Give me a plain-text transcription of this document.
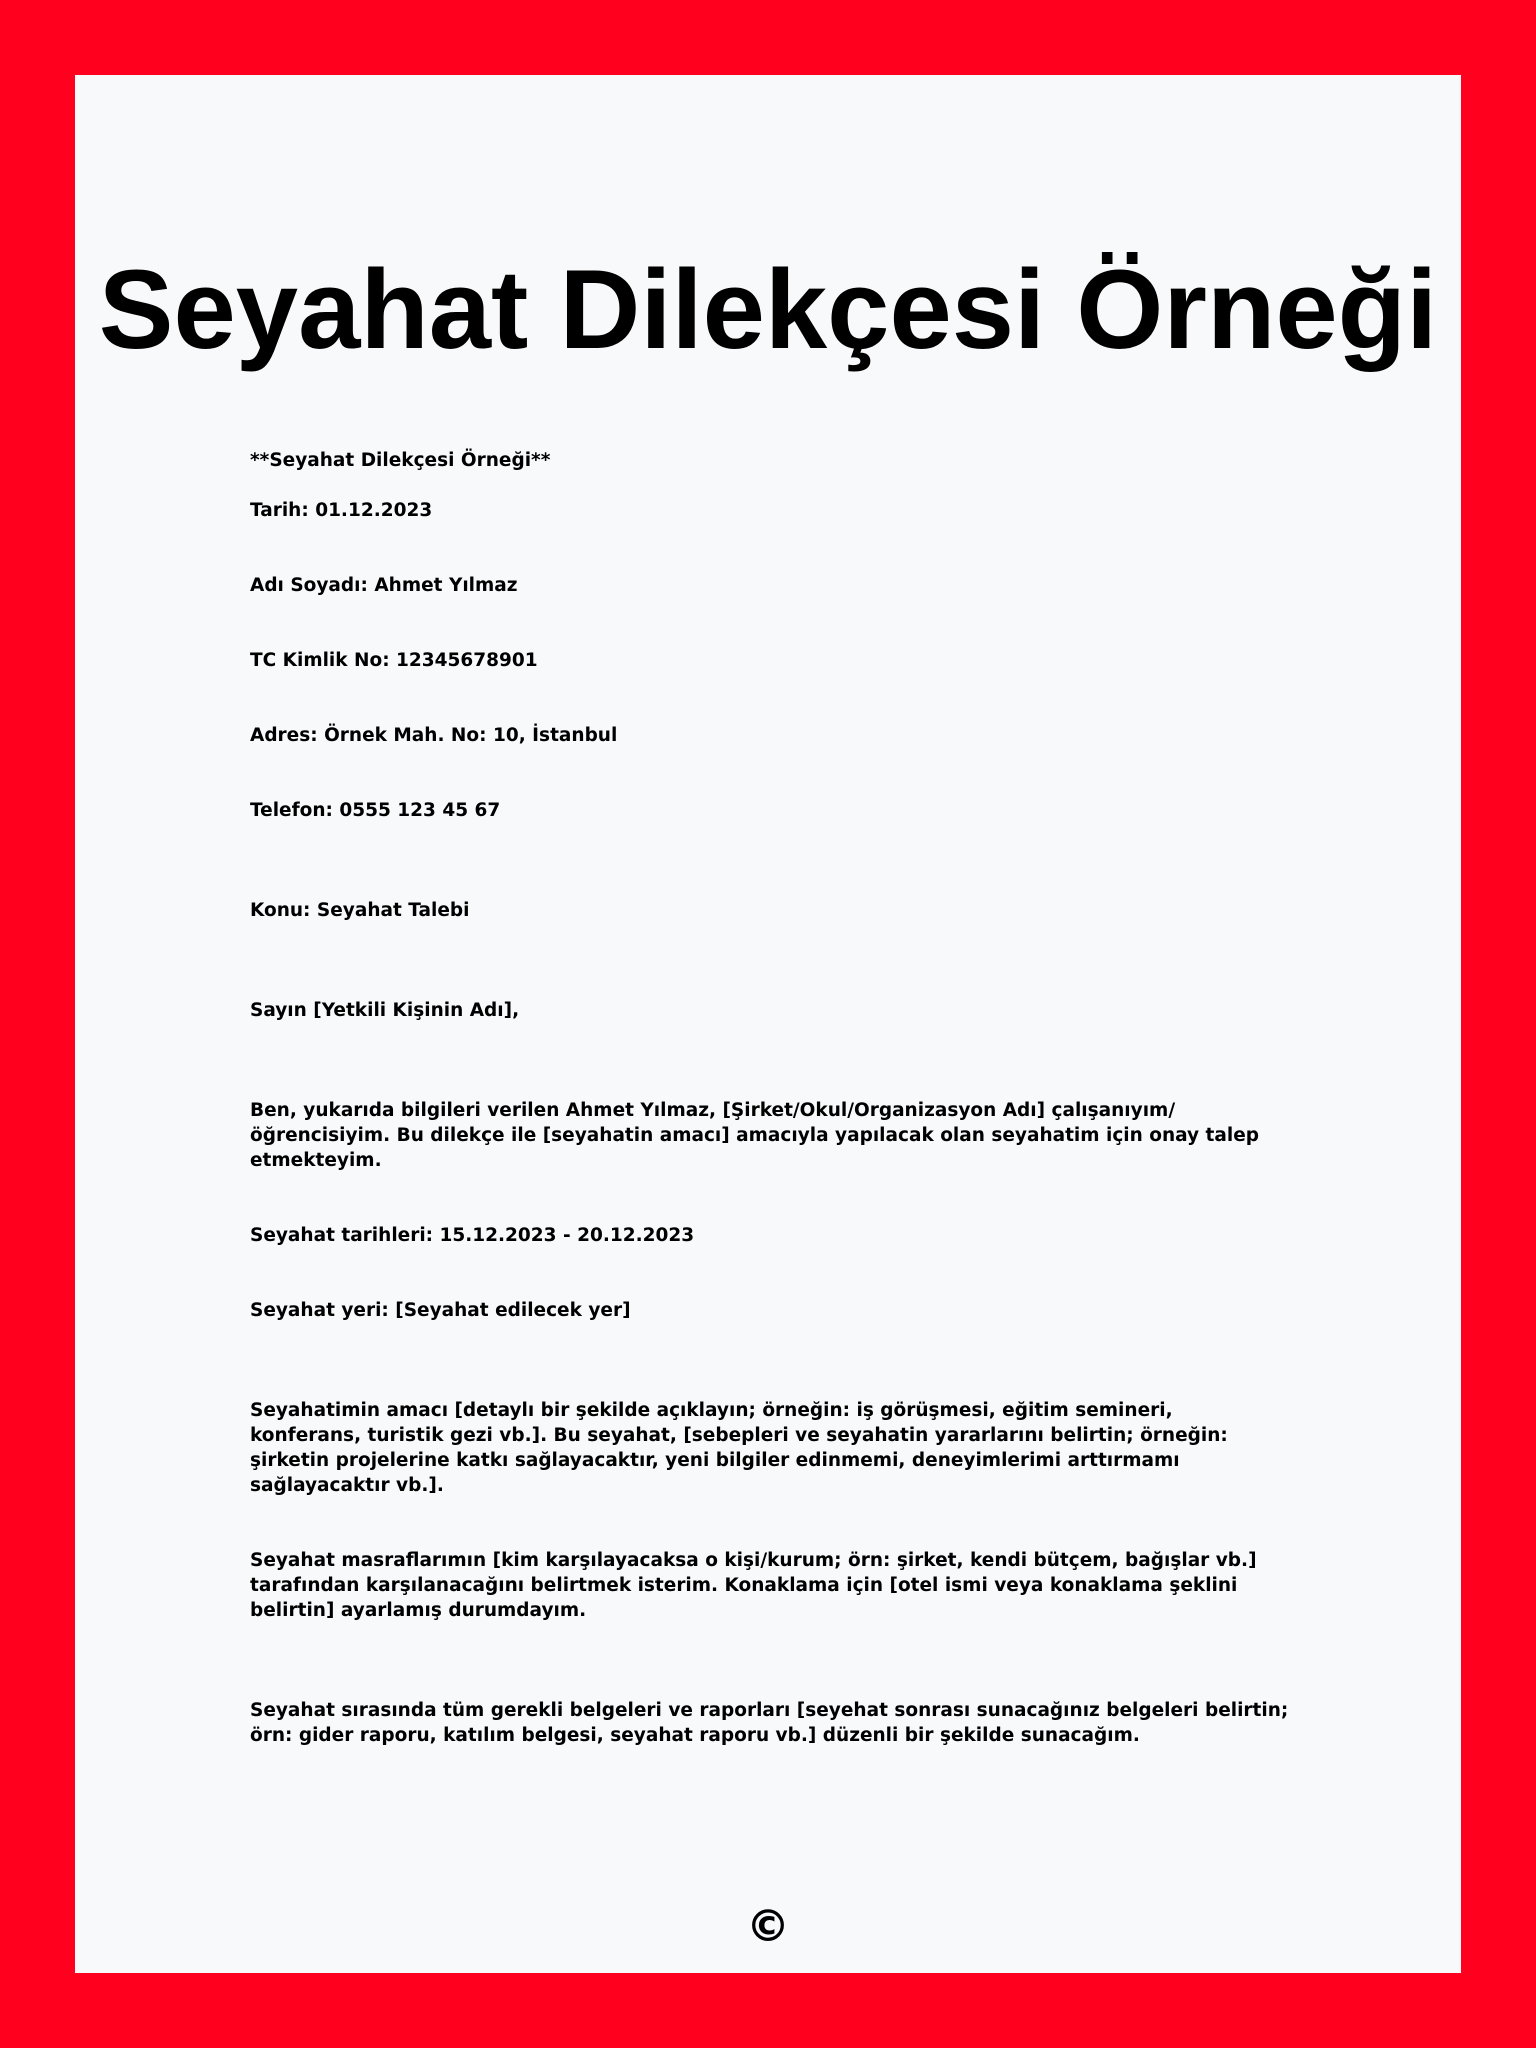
Seyahat Dilekçesi Örneği

**Seyahat Dilekçesi Örneği**

Tarih: 01.12.2023

Adı Soyadı: Ahmet Yılmaz

TC Kimlik No: 12345678901

Adres: Örnek Mah. No: 10, İstanbul

Telefon: 0555 123 45 67

Konu: Seyahat Talebi

Sayın [Yetkili Kişinin Adı],

Ben, yukarıda bilgileri verilen Ahmet Yılmaz, [Şirket/Okul/Organizasyon Adı] çalışanıyım/öğrencisiyim. Bu dilekçe ile [seyahatin amacı] amacıyla yapılacak olan seyahatim için onay talep etmekteyim.

Seyahat tarihleri: 15.12.2023 - 20.12.2023

Seyahat yeri: [Seyahat edilecek yer]

Seyahatimin amacı [detaylı bir şekilde açıklayın; örneğin: iş görüşmesi, eğitim semineri, konferans, turistik gezi vb.]. Bu seyahat, [sebepleri ve seyahatin yararlarını belirtin; örneğin: şirketin projelerine katkı sağlayacaktır, yeni bilgiler edinmemi, deneyimlerimi arttırmamı sağlayacaktır vb.].

Seyahat masraflarımın [kim karşılayacaksa o kişi/kurum; örn: şirket, kendi bütçem, bağışlar vb.] tarafından karşılanacağını belirtmek isterim. Konaklama için [otel ismi veya konaklama şeklini belirtin] ayarlamış durumdayım.

Seyahat sırasında tüm gerekli belgeleri ve raporları [seyehat sonrası sunacağınız belgeleri belirtin; örn: gider raporu, katılım belgesi, seyahat raporu vb.] düzenli bir şekilde sunacağım.

©
